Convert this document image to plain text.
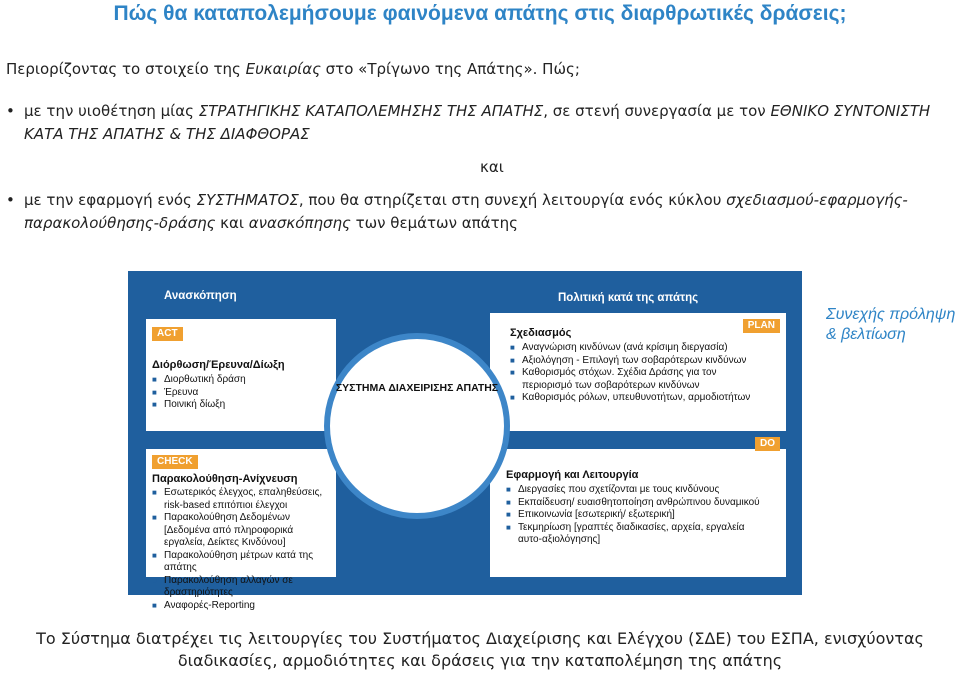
Πώς θα καταπολεμήσουμε φαινόμενα απάτης στις διαρθρωτικές δράσεις;
Περιορίζοντας το στοιχείο της Ευκαιρίας στο «Τρίγωνο της Απάτης». Πώς;
• με την υιοθέτηση μίας ΣΤΡΑΤΗΓΙΚΗΣ ΚΑΤΑΠΟΛΕΜΗΣΗΣ ΤΗΣ ΑΠΑΤΗΣ, σε στενή συνεργασία με τον ΕΘΝΙΚΟ ΣΥΝΤΟΝΙΣΤΗ ΚΑΤΑ ΤΗΣ ΑΠΑΤΗΣ & ΤΗΣ ΔΙΑΦΘΟΡΑΣ
και
• με την εφαρμογή ενός ΣΥΣΤΗΜΑΤΟΣ, που θα στηρίζεται στη συνεχή λειτουργία ενός κύκλου σχεδιασμού-εφαρμογής-παρακολούθησης-δράσης και ανασκόπησης των θεμάτων απάτης
Ανασκόπηση	Πολιτική κατά της απάτης
ACT
Διόρθωση/Έρευνα/Δίωξη
■ Διορθωτική δράση
■ Έρευνα
■ Ποινική δίωξη
PLAN
Σχεδιασμός
■ Αναγνώριση κινδύνων (ανά κρίσιμη διεργασία)
■ Αξιολόγηση - Επιλογή των σοβαρότερων κινδύνων
■ Καθορισμός στόχων. Σχέδια Δράσης για τον περιορισμό των σοβαρότερων κινδύνων
■ Καθορισμός ρόλων, υπευθυνοτήτων, αρμοδιοτήτων
CHECK
Παρακολούθηση-Ανίχνευση
■ Εσωτερικός έλεγχος, επαληθεύσεις, risk-based επιτόπιοι έλεγχοι
■ Παρακολούθηση Δεδομένων [Δεδομένα από πληροφορικά εργαλεία, Δείκτες Κινδύνου]
■ Παρακολούθηση μέτρων κατά της απάτης
■ Παρακολούθηση αλλαγών σε δραστηριότητες
■ Αναφορές-Reporting
DO
Εφαρμογή και Λειτουργία
■ Διεργασίες που σχετίζονται με τους κινδύνους
■ Εκπαίδευση/ ευαισθητοποίηση ανθρώπινου δυναμικού
■ Επικοινωνία [εσωτερική/ εξωτερική]
■ Τεκμηρίωση [γραπτές διαδικασίες, αρχεία, εργαλεία αυτο-αξιολόγησης]
ΣΥΣΤΗΜΑ ΔΙΑΧΕΙΡΙΣΗΣ ΑΠΑΤΗΣ
Συνεχής πρόληψη
& βελτίωση
Το Σύστημα διατρέχει τις λειτουργίες του Συστήματος Διαχείρισης και Ελέγχου (ΣΔΕ) του ΕΣΠΑ, ενισχύοντας
διαδικασίες, αρμοδιότητες και δράσεις για την καταπολέμηση της απάτης
